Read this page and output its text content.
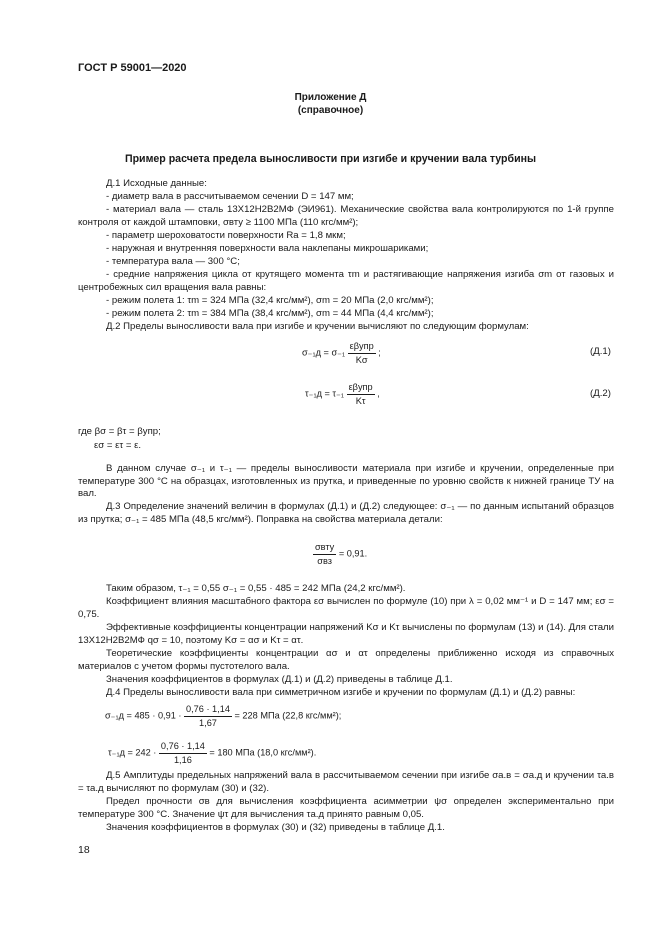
ГОСТ Р 59001—2020
Приложение Д
(справочное)
Пример расчета предела выносливости при изгибе и кручении вала турбины
Д.1 Исходные данные:
- диаметр вала в рассчитываемом сечении D = 147 мм;
- материал вала — сталь 13Х12Н2В2МФ (ЭИ961). Механические свойства вала контролируются по 1-й группе контроля от каждой штамповки, σвту ≥ 1100 МПа (110 кгс/мм²);
- параметр шероховатости поверхности Ra = 1,8 мкм;
- наружная и внутренняя поверхности вала наклепаны микрошариками;
- температура вала — 300 °С;
- средние напряжения цикла от крутящего момента τm и растягивающие напряжения изгиба σm от газовых и центробежных сил вращения вала равны:
- режим полета 1: τm = 324 МПа (32,4 кгс/мм²), σm = 20 МПа (2,0 кгс/мм²);
- режим полета 2: τm = 384 МПа (38,4 кгс/мм²), σm = 44 МПа (4,4 кгс/мм²);
Д.2 Пределы выносливости вала при изгибе и кручении вычисляют по следующим формулам:
$\sigma_{-1}д = \sigma_{-1} \frac{\text{εβупр}}{K\sigma}$ ;	(Д.1)
$\tau_{-1}д = \tau_{-1} \frac{\text{εβупр}}{K\tau}$ ,	(Д.2)
где βσ = βτ = βупр;
εσ = ετ = ε.
В данном случае σ₋₁ и τ₋₁ — пределы выносливости материала при изгибе и кручении, определенные при температуре 300 °С на образцах, изготовленных из прутка, и приведенные по уровню свойств к нижней границе ТУ на вал.
Д.3 Определение значений величин в формулах (Д.1) и (Д.2) следующее: σ₋₁ — по данным испытаний образцов из прутка; σ₋₁ = 485 МПа (48,5 кгс/мм²). Поправка на свойства материала детали:
$\frac{\text{σвту}}{\text{σвз}} = 0,91$.
Таким образом, τ₋₁ = 0,55 σ₋₁ = 0,55 · 485 = 242 МПа (24,2 кгс/мм²).
Коэффициент влияния масштабного фактора εσ вычислен по формуле (10) при λ = 0,02 мм⁻¹ и D = 147 мм; εσ = 0,75.
Эффективные коэффициенты концентрации напряжений Kσ и Kτ вычислены по формулам (13) и (14). Для стали 13Х12Н2В2МФ qσ = 10, поэтому Kσ = ασ и Kτ = ατ.
Теоретические коэффициенты концентрации ασ и ατ определены приближенно исходя из справочных материалов с учетом формы пустотелого вала.
Значения коэффициентов в формулах (Д.1) и (Д.2) приведены в таблице Д.1.
Д.4 Пределы выносливости вала при симметричном изгибе и кручении по формулам (Д.1) и (Д.2) равны:
$\sigma_{-1}д = 485 \cdot 0,91 \cdot \frac{0,76 \cdot 1,14}{1,67} = 228$ МПа (22,8 кгс/мм²);
$\tau_{-1}д = 242 \cdot \frac{0,76 \cdot 1,14}{1,16} = 180$ МПа (18,0 кгс/мм²).
Д.5 Амплитуды предельных напряжений вала в рассчитываемом сечении при изгибе σа.в = σа.д и кручении τа.в = τа.д вычисляют по формулам (30) и (32).
Предел прочности σв для вычисления коэффициента асимметрии ψσ определен экспериментально при температуре 300 °С. Значение ψτ для вычисления τа.д принято равным 0,05.
Значения коэффициентов в формулах (30) и (32) приведены в таблице Д.1.
18
